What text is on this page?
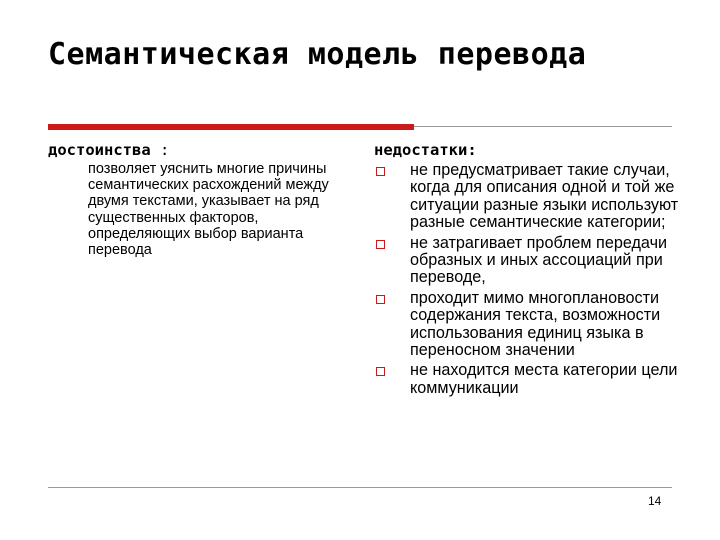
Семантическая модель перевода

достоинства :

позволяет уяснить многие причины семантических расхождений между двумя текстами, указывает на ряд существенных факторов, определяющих выбор варианта перевода

недостатки:

не предусматривает такие случаи, когда для описания одной и той же ситуации разные языки используют разные семантические категории;
не затрагивает проблем передачи образных и иных ассоциаций при переводе,
проходит мимо многоплановости содержания текста, возможности использования единиц языка в переносном значении
не находится места категории цели коммуникации
14
